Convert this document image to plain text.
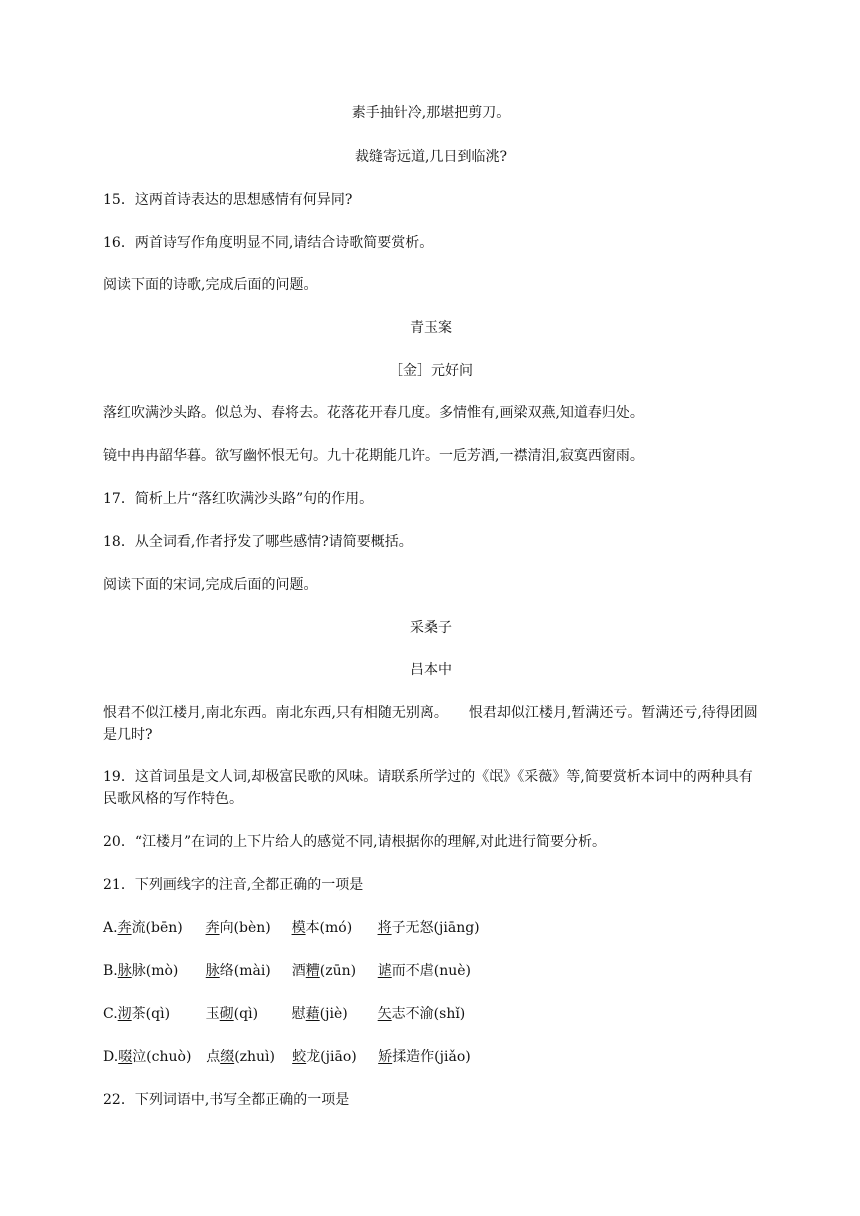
素手抽针冷,那堪把剪刀。

裁缝寄远道,几日到临洮?

15．这两首诗表达的思想感情有何异同?

16．两首诗写作角度明显不同,请结合诗歌简要赏析。

阅读下面的诗歌,完成后面的问题。

青玉案

［金］元好问

落红吹满沙头路。似总为、春将去。花落花开春几度。多情惟有,画梁双燕,知道春归处。

镜中冉冉韶华暮。欲写幽怀恨无句。九十花期能几许。一卮芳酒,一襟清泪,寂寞西窗雨。

17．简析上片“落红吹满沙头路”句的作用。

18．从全词看,作者抒发了哪些感情?请简要概括。

阅读下面的宋词,完成后面的问题。

采桑子

吕本中

恨君不似江楼月,南北东西。南北东西,只有相随无别离。　　恨君却似江楼月,暂满还亏。暂满还亏,待得团圆是几时?

19．这首词虽是文人词,却极富民歌的风味。请联系所学过的《氓》《采薇》等,简要赏析本词中的两种具有民歌风格的写作特色。

20．“江楼月”在词的上下片给人的感觉不同,请根据你的理解,对此进行简要分析。

21．下列画线字的注音,全都正确的一项是

A.奔流(bēn) 奔向(bèn) 模本(mó) 将子无怒(jiāng)

B.脉脉(mò) 脉络(mài) 酒糟(zūn) 谑而不虐(nuè)

C.沏茶(qì)	玉砌(qì) 慰藉(jiè) 矢志不渝(shǐ)

D.啜泣(chuò) 点缀(zhuì) 蛟龙(jiāo) 矫揉造作(jiǎo)

22．下列词语中,书写全都正确的一项是
